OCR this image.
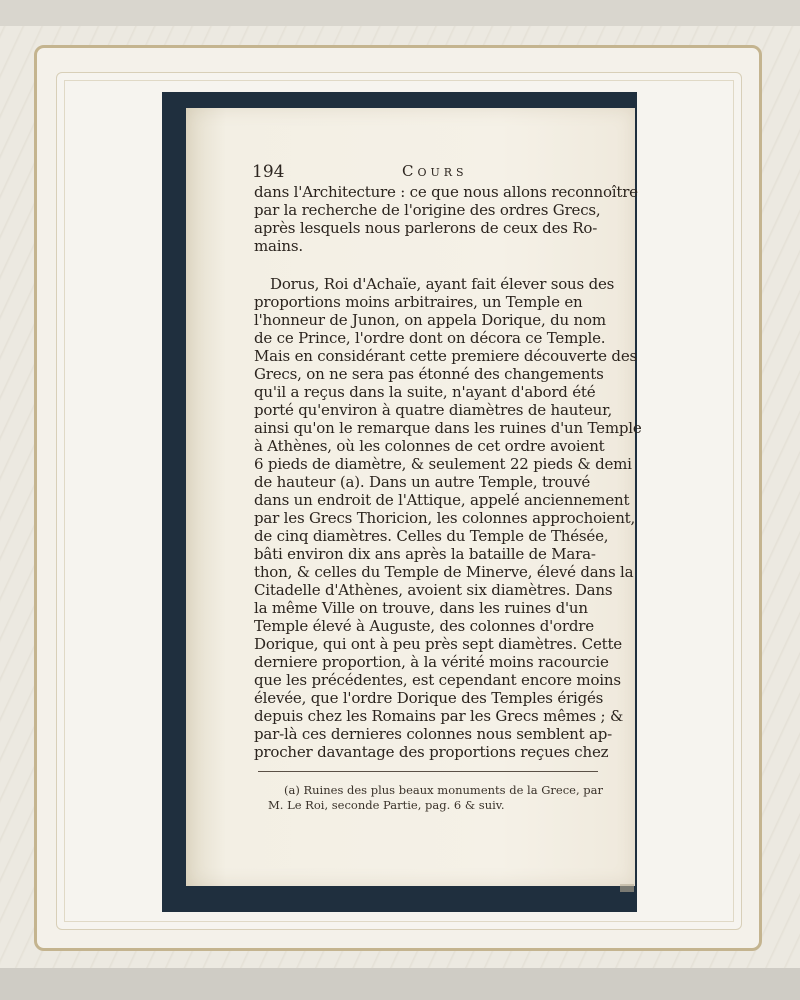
194	Cours
dans l'Architecture : ce que nous allons reconnoître
par la recherche de l'origine des ordres Grecs,
après lesquels nous parlerons de ceux des Ro-
mains.
Dorus, Roi d'Achaïe, ayant fait élever sous des
proportions moins arbitraires, un Temple en
l'honneur de Junon, on appela Dorique, du nom
de ce Prince, l'ordre dont on décora ce Temple.
Mais en considérant cette premiere découverte des
Grecs, on ne sera pas étonné des changements
qu'il a reçus dans la suite, n'ayant d'abord été
porté qu'environ à quatre diamètres de hauteur,
ainsi qu'on le remarque dans les ruines d'un Temple
à Athènes, où les colonnes de cet ordre avoient
6 pieds de diamètre, & seulement 22 pieds & demi
de hauteur (a). Dans un autre Temple, trouvé
dans un endroit de l'Attique, appelé anciennement
par les Grecs Thoricion, les colonnes approchoient,
de cinq diamètres. Celles du Temple de Thésée,
bâti environ dix ans après la bataille de Mara-
thon, & celles du Temple de Minerve, élevé dans la
Citadelle d'Athènes, avoient six diamètres. Dans
la même Ville on trouve, dans les ruines d'un
Temple élevé à Auguste, des colonnes d'ordre
Dorique, qui ont à peu près sept diamètres. Cette
derniere proportion, à la vérité moins racourcie
que les précédentes, est cependant encore moins
élevée, que l'ordre Dorique des Temples érigés
depuis chez les Romains par les Grecs mêmes ; &
par-là ces dernieres colonnes nous semblent ap-
procher davantage des proportions reçues chez
(a) Ruines des plus beaux monuments de la Grece, par
M. Le Roi, seconde Partie, pag. 6 & suiv.
